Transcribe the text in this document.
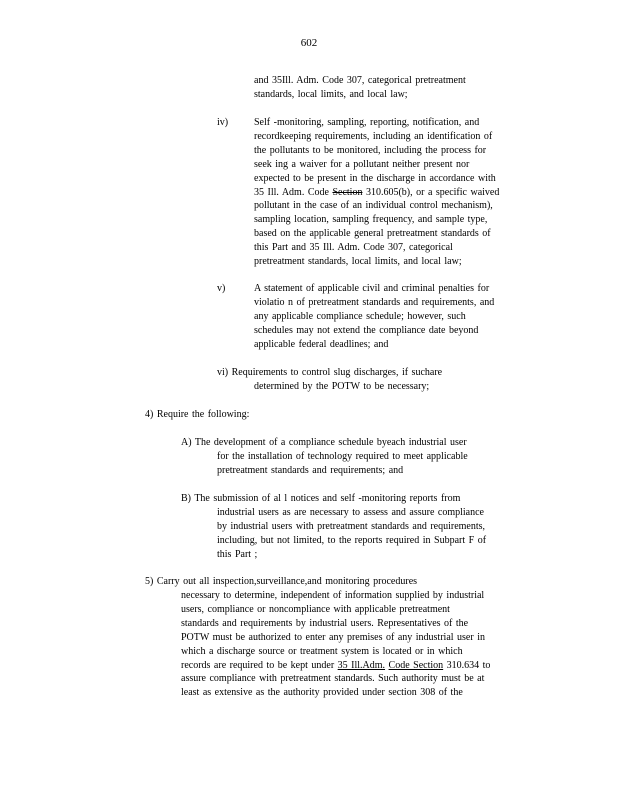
602
and 35Ill. Adm. Code 307, categorical pretreatment
standards, local limits, and local law;
iv)	Self -monitoring, sampling, reporting, notification, and
recordkeeping requirements, including an identification of
the pollutants to be monitored, including the process for
seek ing a waiver for a pollutant neither present nor
expected to be present in the discharge in accordance with
35 Ill. Adm. Code Section 310.605(b), or a specific waived
pollutant in the case of an individual control mechanism),
sampling location, sampling frequency, and sample type,
based on the applicable general pretreatment standards of
this Part and 35 Ill. Adm. Code 307, categorical
pretreatment standards, local limits, and local law;
v)	A statement of applicable civil and criminal penalties for
violatio n of pretreatment standards and requirements, and
any applicable compliance schedule; however, such
schedules may not extend the compliance date beyond
applicable federal deadlines; and
vi) Requirements to control slug discharges, if suchare
determined by the POTW to be necessary;
4) Require the following:
A) The development of a compliance schedule byeach industrial user
for the installation of technology required to meet applicable
pretreatment standards and requirements; and
B) The submission of al l notices and self -monitoring reports from
industrial users as are necessary to assess and assure compliance
by industrial users with pretreatment standards and requirements,
including, but not limited, to the reports required in Subpart F of
this Part ;
5) Carry out all inspection,surveillance,and monitoring procedures
necessary to determine, independent of information supplied by industrial
users, compliance or noncompliance with applicable pretreatment
standards and requirements by industrial users. Representatives of the
POTW must be authorized to enter any premises of any industrial user in
which a discharge source or treatment system is located or in which
records are required to be kept under 35 Ill.Adm. Code Section 310.634 to
assure compliance with pretreatment standards. Such authority must be at
least as extensive as the authority provided under section 308 of the
